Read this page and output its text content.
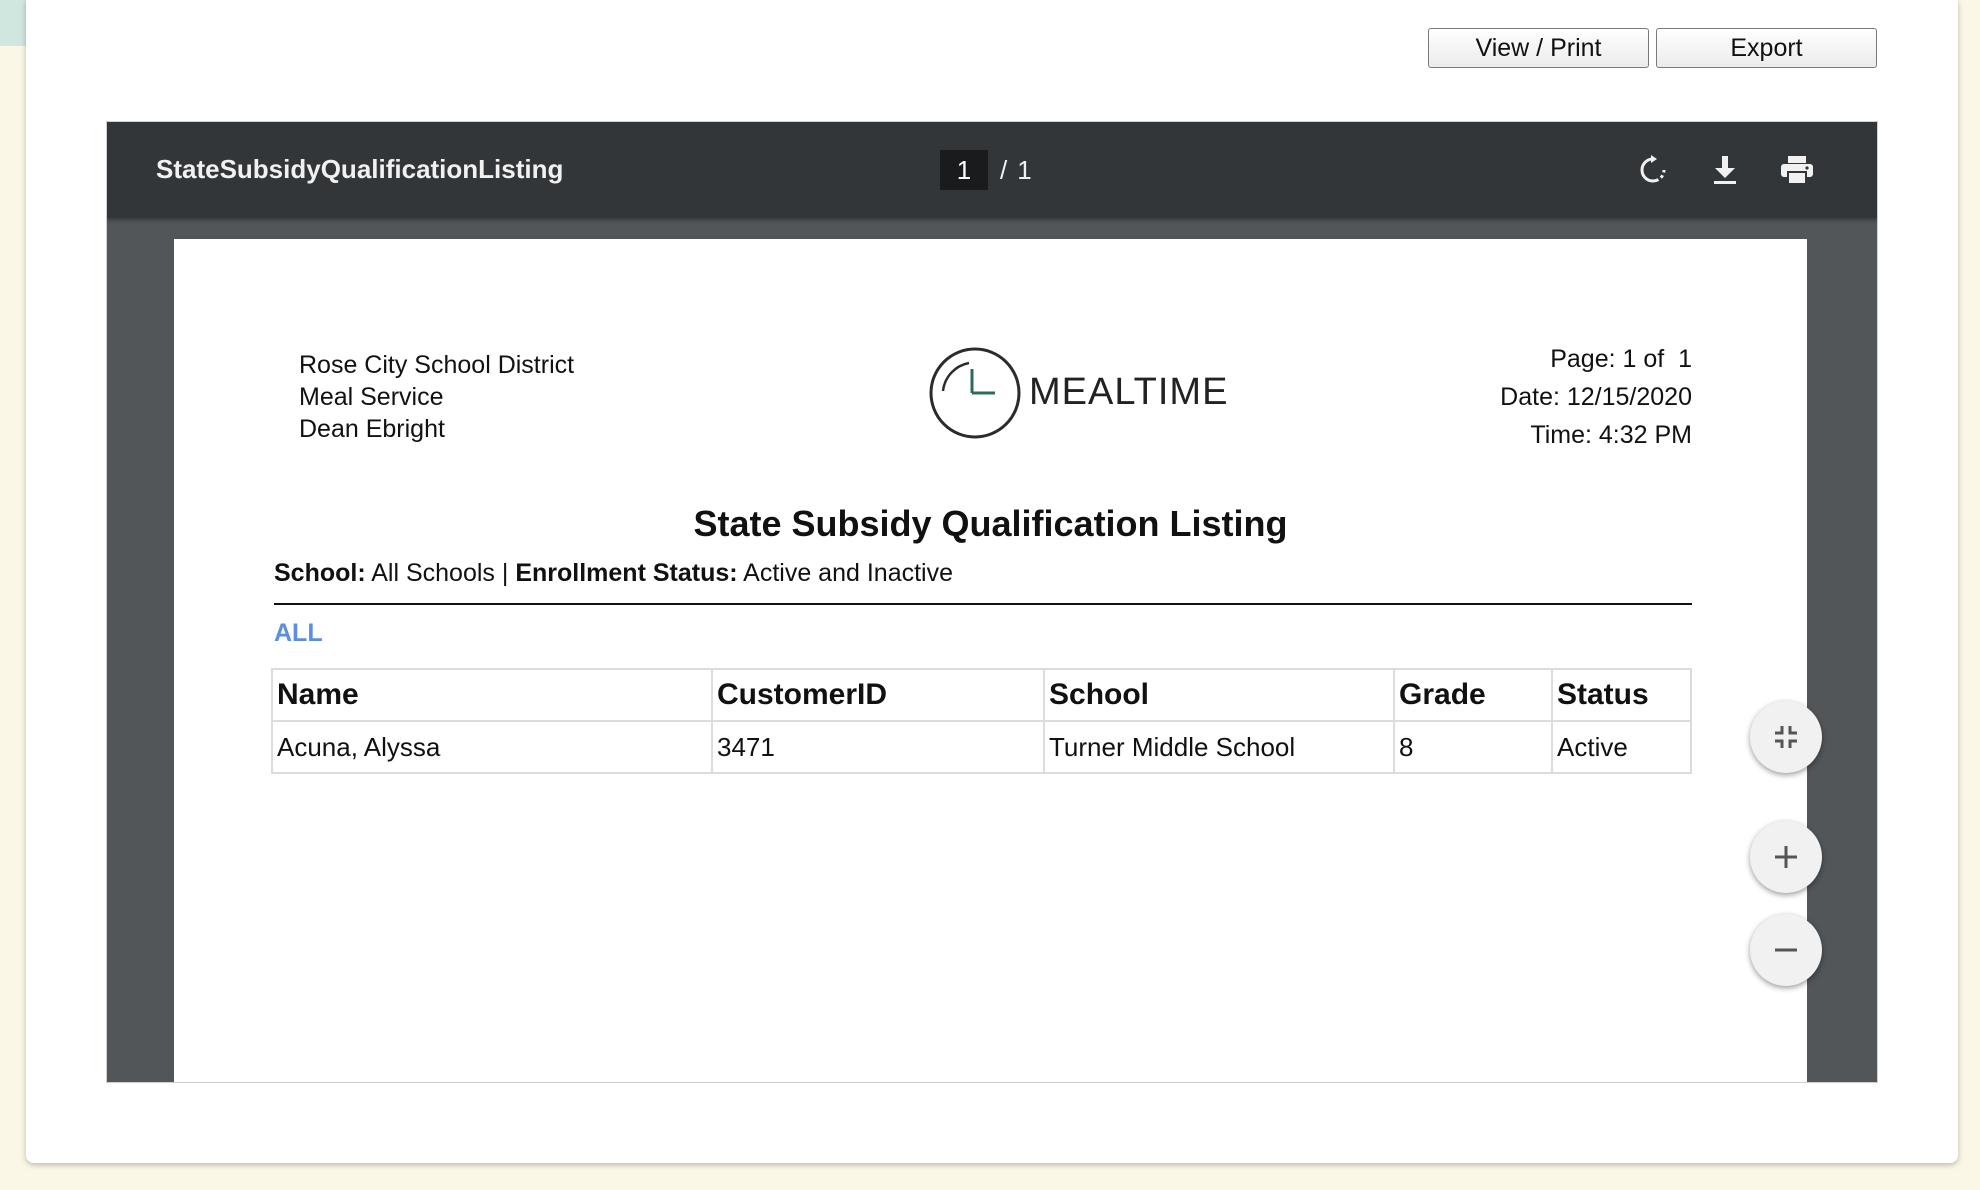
View / Print	Export
StateSubsidyQualificationListing	1	/ 1
Rose City School District
Meal Service
Dean Ebright
MEALTIME
Page: 1 of  1
Date: 12/15/2020
Time: 4:32 PM
State Subsidy Qualification Listing
School: All Schools | Enrollment Status: Active and Inactive
ALL
Name	CustomerID	School	Grade	Status
Acuna, Alyssa	3471	Turner Middle School	8	Active
